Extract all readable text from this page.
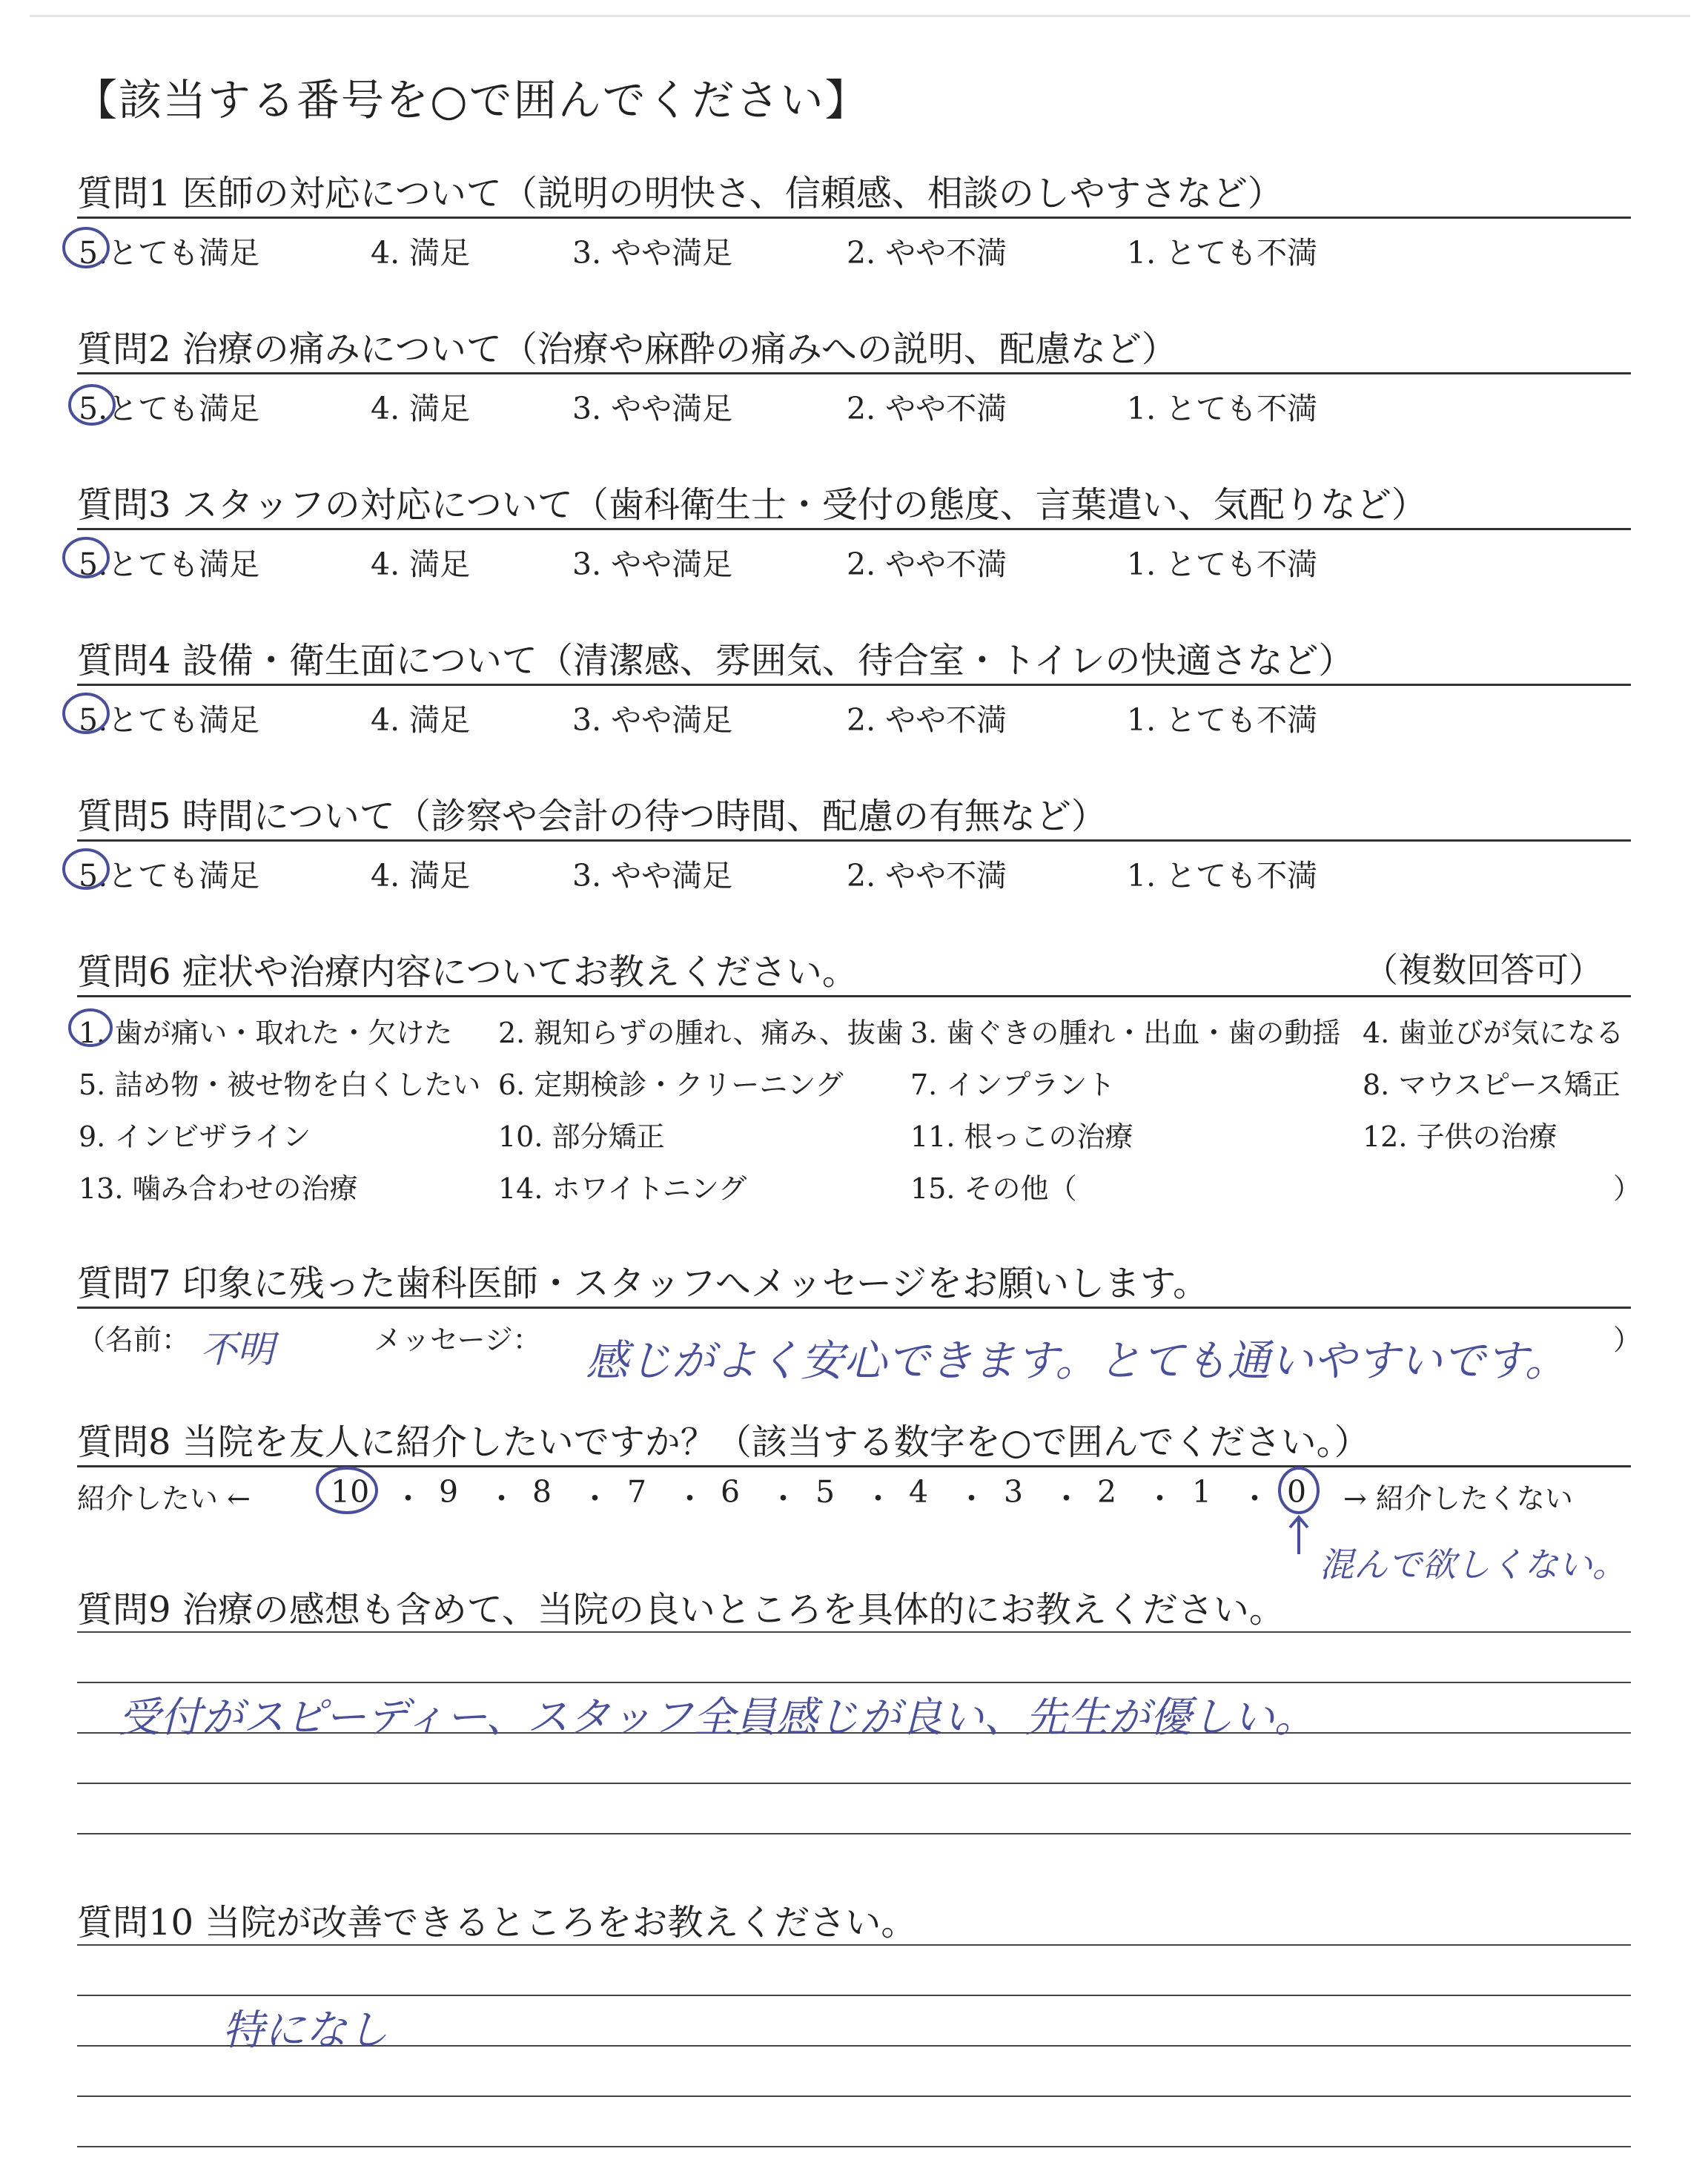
【該当する番号を○で囲んでください】
質問1 医師の対応について（説明の明快さ、信頼感、相談のしやすさなど）
5.とても満足	4. 満足	3. やや満足	2. やや不満	1. とても不満
質問2 治療の痛みについて（治療や麻酔の痛みへの説明、配慮など）
5.とても満足	4. 満足	3. やや満足	2. やや不満	1. とても不満
質問3 スタッフの対応について（歯科衛生士・受付の態度、言葉遣い、気配りなど）
5.とても満足	4. 満足	3. やや満足	2. やや不満	1. とても不満
質問4 設備・衛生面について（清潔感、雰囲気、待合室・トイレの快適さなど）
5.とても満足	4. 満足	3. やや満足	2. やや不満	1. とても不満
質問5 時間について（診察や会計の待つ時間、配慮の有無など）
5.とても満足	4. 満足	3. やや満足	2. やや不満	1. とても不満
質問6 症状や治療内容についてお教えください。	（複数回答可）
1. 歯が痛い・取れた・欠けた 2. 親知らずの腫れ、痛み、抜歯 3. 歯ぐきの腫れ・出血・歯の動揺 4. 歯並びが気になる
5. 詰め物・被せ物を白くしたい 6. 定期検診・クリーニング 7. インプラント	8. マウスピース矯正
9. インビザライン	10. 部分矯正	11. 根っこの治療	12. 子供の治療
13. 噛み合わせの治療	14. ホワイトニング	15. その他（	）
質問7 印象に残った歯科医師・スタッフへメッセージをお願いします。
（名前： 不明	メッセージ： 感じがよく安心できます。とても通いやすいです。 ）
質問8 当院を友人に紹介したいですか？（該当する数字を○で囲んでください。）
紹介したい ←	10 ・ 9 ・ 8 ・ 7 ・ 6 ・ 5 ・ 4 ・ 3 ・ 2 ・ 1 ・ 0 → 紹介したくない
混んで欲しくない。
質問9 治療の感想も含めて、当院の良いところを具体的にお教えください。
受付がスピーディー、スタッフ全員感じが良い、先生が優しい。
質問10 当院が改善できるところをお教えください。
特になし
